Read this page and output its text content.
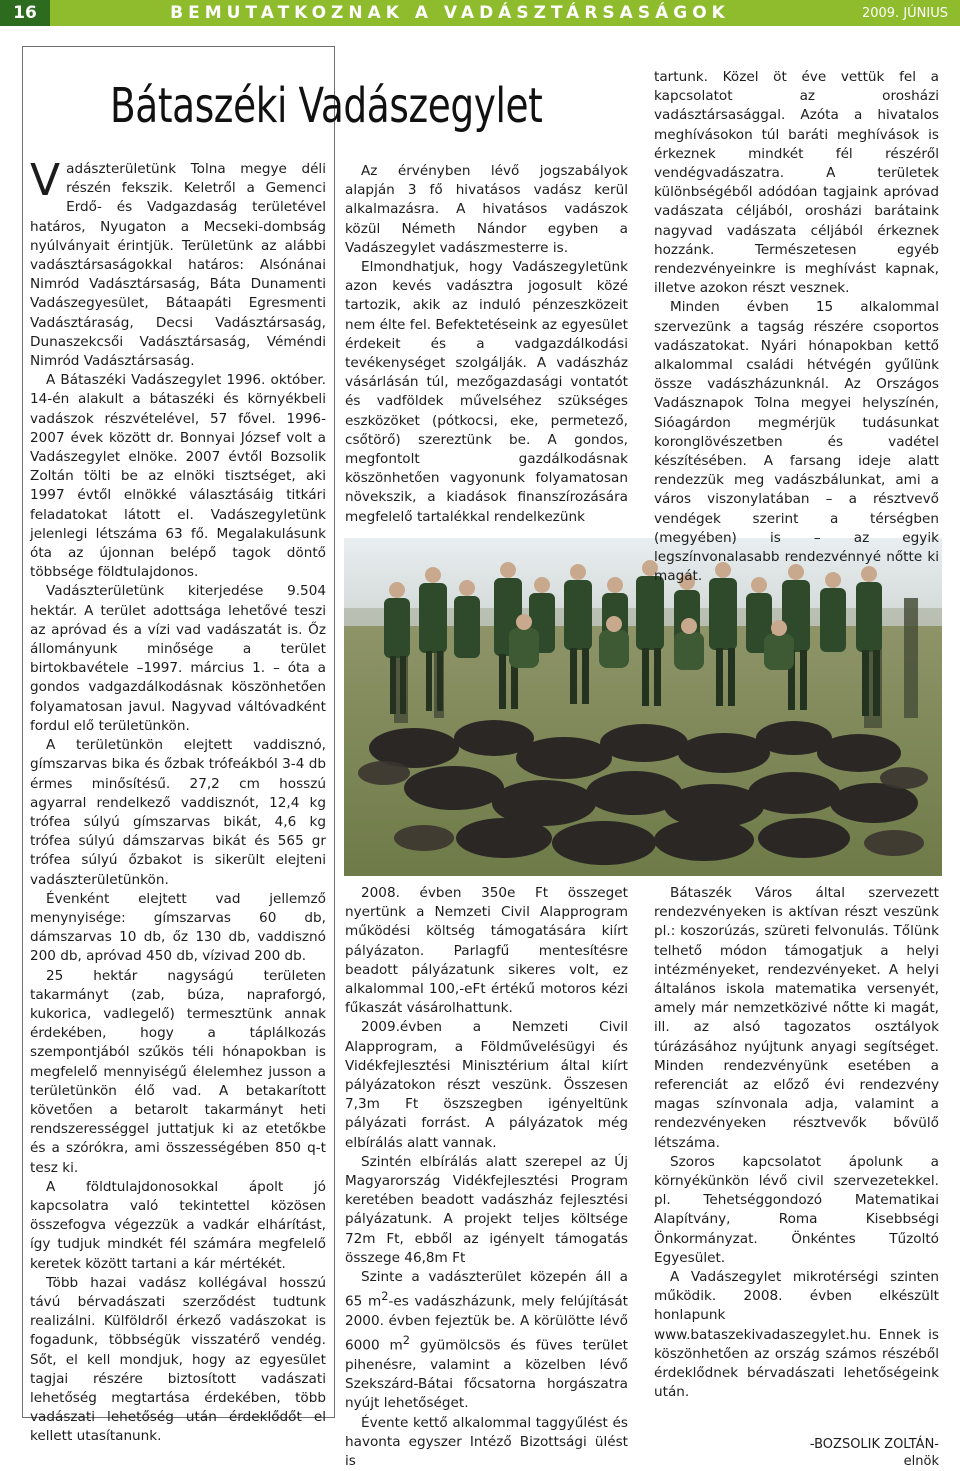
16	BEMUTATKOZNAK A VADÁSZTÁRSASÁGOK	2009. JÚNIUS
Bátaszéki Vadászegylet

Vadászterületünk Tolna megye déli részén fekszik. Keletről a Gemenci Erdő- és Vadgazdaság területével határos, Nyugaton a Mecseki-dombság nyúlványait érintjük. Területünk az alábbi vadásztársaságokkal határos: Alsónánai Nimród Vadásztársaság, Báta Dunamenti Vadászegyesület, Bátaapáti Egresmenti Vadásztáraság, Decsi Vadásztársaság, Dunaszekcsői Vadásztársaság, Véméndi Nimród Vadásztársaság.

A Bátaszéki Vadászegylet 1996. október. 14-én alakult a bátaszéki és környékbeli vadászok részvételével, 57 fővel. 1996-2007 évek között dr. Bonnyai József volt a Vadászegylet elnöke. 2007 évtől Bozsolik Zoltán tölti be az elnöki tisztséget, aki 1997 évtől elnökké választásáig titkári feladatokat látott el. Vadászegyletünk jelenlegi létszáma 63 fő. Megalakulásunk óta az újonnan belépő tagok döntő többsége földtulajdonos.

Vadászterületünk kiterjedése 9.504 hektár. A terület adottsága lehetővé teszi az apróvad és a vízi vad vadászatát is. Őz állományunk minősége a terület birtokbavétele –1997. március 1. – óta a gondos vadgazdálkodásnak köszönhetően folyamatosan javul. Nagyvad váltóvadként fordul elő területünkön.

A területünkön elejtett vaddisznó, gímszarvas bika és őzbak trófeákból 3-4 db érmes minősítésű. 27,2 cm hosszú agyarral rendelkező vaddisznót, 12,4 kg trófea súlyú gímszarvas bikát, 4,6 kg trófea súlyú dámszarvas bikát és 565 gr trófea súlyú őzbakot is sikerült elejteni vadászterületünkön.

Évenként elejtett vad jellemző menynyisége: gímszarvas 60 db, dámszarvas 10 db, őz 130 db, vaddisznó 200 db, apróvad 450 db, vízivad 200 db.

25 hektár nagyságú területen takarmányt (zab, búza, napraforgó, kukorica, vadlegelő) termesztünk annak érdekében, hogy a táplálkozás szempontjából szűkös téli hónapokban is megfelelő mennyiségű élelemhez jusson a területünkön élő vad. A betakarított követően a betarolt takarmányt heti rendszerességgel juttatjuk ki az etetőkbe és a szórókra, ami összességében 850 q-t tesz ki.

A földtulajdonosokkal ápolt jó kapcsolatra való tekintettel közösen összefogva végezzük a vadkár elhárítást, így tudjuk mindkét fél számára megfelelő keretek között tartani a kár mértékét.

Több hazai vadász kollégával hosszú távú bérvadászati szerződést tudtunk realizálni. Külföldről érkező vadászokat is fogadunk, többségük visszatérő vendég. Sőt, el kell mondjuk, hogy az egyesület tagjai részére biztosított vadászati lehetőség megtartása érdekében, több vadászati lehetőség után érdeklődőt el kellett utasítanunk.

Az érvényben lévő jogszabályok alapján 3 fő hivatásos vadász kerül alkalmazásra. A hivatásos vadászok közül Németh Nándor egyben a Vadászegylet vadászmesterre is.

Elmondhatjuk, hogy Vadászegyletünk azon kevés vadásztra jogosult közé tartozik, akik az induló pénzeszközeit nem élte fel. Befektetéseink az egyesület érdekeit és a vadgazdálkodási tevékenységet szolgálják. A vadászház vásárlásán túl, mezőgazdasági vontatót és vadföldek művelséhez szükséges eszközöket (pótkocsi, eke, permetező, csőtörő) szereztünk be. A gondos, megfontolt gazdálkodásnak köszönhetően vagyonunk folyamatosan növekszik, a kiadások finanszírozására megfelelő tartalékkal rendelkezünk

2008. évben 350e Ft összeget nyertünk a Nemzeti Civil Alapprogram működési költség támogatására kiírt pályázaton. Parlagfű mentesítésre beadott pályázatunk sikeres volt, ez alkalommal 100,-eFt értékű motoros kézi fűkaszát vásárolhattunk.

2009.évben a Nemzeti Civil Alapprogram, a Földművelésügyi és Vidékfejlesztési Minisztérium által kiírt pályázatokon részt veszünk. Összesen 7,3m Ft öszszegben igényeltünk pályázati forrást. A pályázatok még elbírálás alatt vannak.

Szintén elbírálás alatt szerepel az Új Magyarország Vidékfejlesztési Program keretében beadott vadászház fejlesztési pályázatunk. A projekt teljes költsége 72m Ft, ebből az igényelt támogatás összege 46,8m Ft

Szinte a vadászterület közepén áll a 65 $m^2-es$ vadászházunk, mely felújítását 2000. évben fejeztük be. A körülötte lévő 6000 $m^2$ gyümölcsös és füves terület pihenésre, valamint a közelben lévő Szekszárd-Bátai főcsatorna horgászatra nyújt lehetőséget.

Évente kettő alkalommal taggyűlést és havonta egyszer Intéző Bizottsági ülést is

tartunk. Közel öt éve vettük fel a kapcsolatot az orosházi vadásztársasággal. Azóta a hivatalos meghívásokon túl baráti meghívások is érkeznek mindkét fél részéről vendégvadászatra. A területek különbségéből adódóan tagjaink apróvad vadászata céljából, orosházi barátaink nagyvad vadászata céljából érkeznek hozzánk. Természetesen egyéb rendezvényeinkre is meghívást kapnak, illetve azokon részt vesznek.

Minden évben 15 alkalommal szervezünk a tagság részére csoportos vadászatokat. Nyári hónapokban kettő alkalommal családi hétvégén gyűlünk össze vadászházunknál. Az Országos Vadásznapok Tolna megyei helyszínén, Sióagárdon megmérjük tudásunkat koronglövészetben és vadétel készítésében. A farsang ideje alatt rendezzük meg vadászbálunkat, ami a város viszonylatában – a résztvevő vendégek szerint a térségben (megyében) is – az egyik legszínvonalasabb rendezvénnyé nőtte ki magát.

Bátaszék Város által szervezett rendezvényeken is aktívan részt veszünk pl.: koszorúzás, szüreti felvonulás. Tőlünk telhető módon támogatjuk a helyi intézményeket, rendezvényeket. A helyi általános iskola matematika versenyét, amely már nemzetközivé nőtte ki magát, ill. az alsó tagozatos osztályok túrázásához nyújtunk anyagi segítséget. Minden rendezvényünk esetében a referenciát az előző évi rendezvény magas színvonala adja, valamint a rendezvényeken résztvevők bővülő létszáma.

Szoros kapcsolatot ápolunk a környékünkön lévő civil szervezetekkel. pl. Tehetséggondozó Matematikai Alapítvány, Roma Kisebbségi Önkormányzat. Önkéntes Tűzoltó Egyesület.

A Vadászegylet mikrotérségi szinten működik. 2008. évben elkészült honlapunk www.bataszekivadaszegylet.hu. Ennek is köszönhetően az ország számos részéből érdeklődnek bérvadászati lehetőségeink után.

-BOZSOLIK ZOLTÁN-
elnök
